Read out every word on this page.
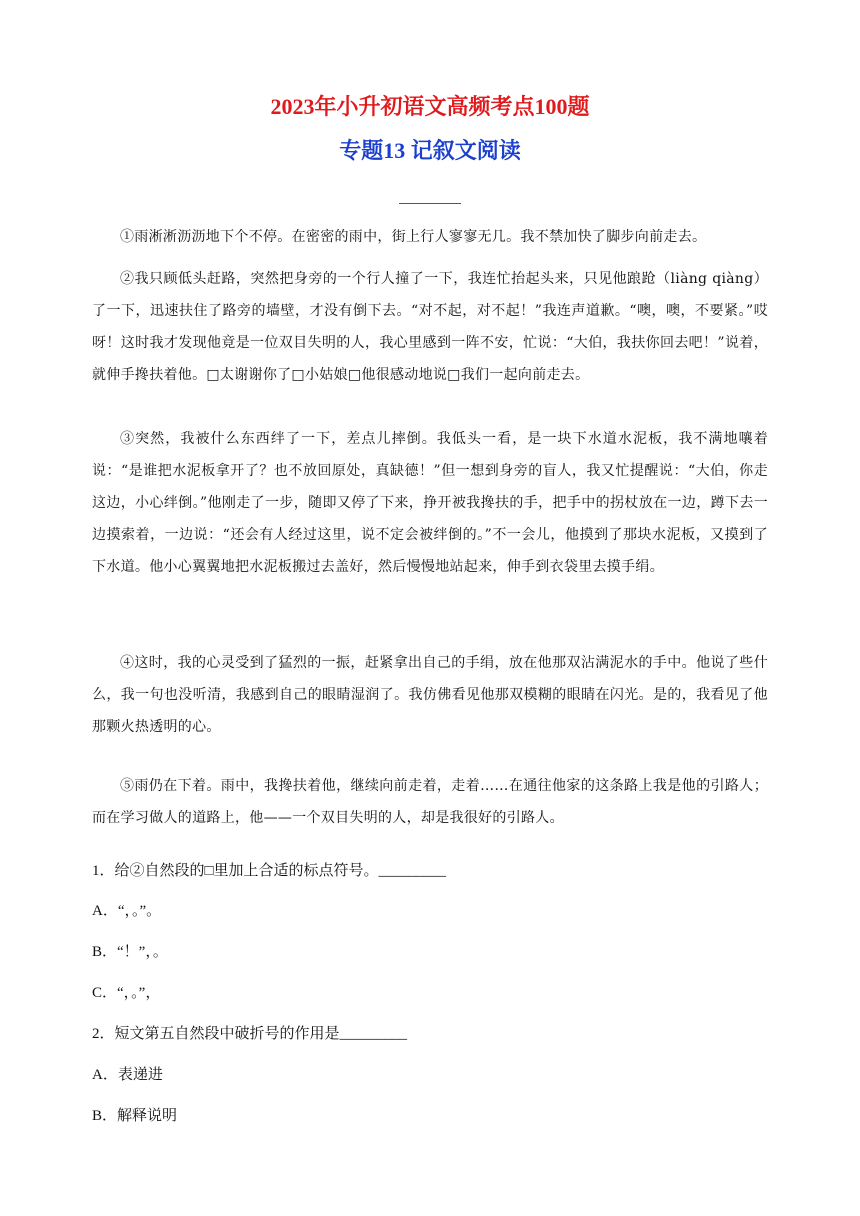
2023年小升初语文高频考点100题
专题13 记叙文阅读

①雨淅淅沥沥地下个不停。在密密的雨中，街上行人寥寥无几。我不禁加快了脚步向前走去。

②我只顾低头赶路，突然把身旁的一个行人撞了一下，我连忙抬起头来，只见他踉跄（liàng qiàng）了一下，迅速扶住了路旁的墙壁，才没有倒下去。“对不起，对不起！”我连声道歉。“噢，噢，不要紧。”哎呀！这时我才发现他竟是一位双目失明的人，我心里感到一阵不安，忙说：“大伯，我扶你回去吧！”说着，就伸手搀扶着他。□太谢谢你了□小姑娘□他很感动地说□我们一起向前走去。

③突然，我被什么东西绊了一下，差点儿摔倒。我低头一看，是一块下水道水泥板，我不满地嚷着说：“是谁把水泥板拿开了？也不放回原处，真缺德！”但一想到身旁的盲人，我又忙提醒说：“大伯，你走这边，小心绊倒。”他刚走了一步，随即又停了下来，挣开被我搀扶的手，把手中的拐杖放在一边，蹲下去一边摸索着，一边说：“还会有人经过这里，说不定会被绊倒的。”不一会儿，他摸到了那块水泥板，又摸到了下水道。他小心翼翼地把水泥板搬过去盖好，然后慢慢地站起来，伸手到衣袋里去摸手绢。

④这时，我的心灵受到了猛烈的一振，赶紧拿出自己的手绢，放在他那双沾满泥水的手中。他说了些什么，我一句也没听清，我感到自己的眼睛湿润了。我仿佛看见他那双模糊的眼睛在闪光。是的，我看见了他那颗火热透明的心。

⑤雨仍在下着。雨中，我搀扶着他，继续向前走着，走着……在通往他家的这条路上我是他的引路人；而在学习做人的道路上，他——一个双目失明的人，却是我很好的引路人。

1．给②自然段的□里加上合适的标点符号。_________

A．“，。”。

B．“！”，。

C．“，。”，

2．短文第五自然段中破折号的作用是_________

A．表递进

B．解释说明
